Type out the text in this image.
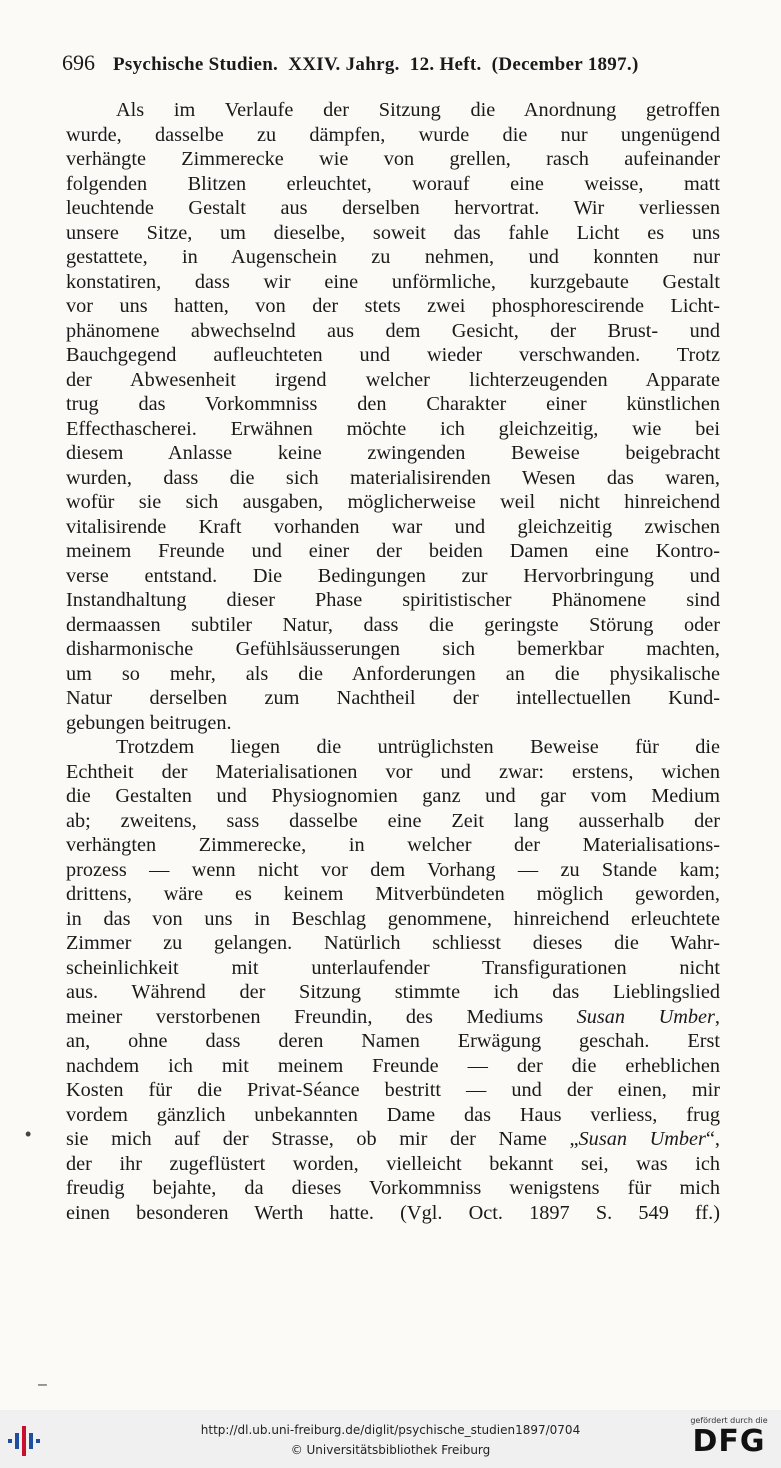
696 Psychische Studien.  XXIV. Jahrg.  12. Heft.  (December 1897.)
Als im Verlaufe der Sitzung die Anordnung getroffen
wurde, dasselbe zu dämpfen, wurde die nur ungenügend
verhängte Zimmerecke wie von grellen, rasch aufeinander
folgenden Blitzen erleuchtet, worauf eine weisse, matt
leuchtende Gestalt aus derselben hervortrat. Wir verliessen
unsere Sitze, um dieselbe, soweit das fahle Licht es uns
gestattete, in Augenschein zu nehmen, und konnten nur
konstatiren, dass wir eine unförmliche, kurzgebaute Gestalt
vor uns hatten, von der stets zwei phosphorescirende Licht-
phänomene abwechselnd aus dem Gesicht, der Brust- und
Bauchgegend aufleuchteten und wieder verschwanden. Trotz
der Abwesenheit irgend welcher lichterzeugenden Apparate
trug das Vorkommniss den Charakter einer künstlichen
Effecthascherei. Erwähnen möchte ich gleichzeitig, wie bei
diesem Anlasse keine zwingenden Beweise beigebracht
wurden, dass die sich materialisirenden Wesen das waren,
wofür sie sich ausgaben, möglicherweise weil nicht hinreichend
vitalisirende Kraft vorhanden war und gleichzeitig zwischen
meinem Freunde und einer der beiden Damen eine Kontro-
verse entstand. Die Bedingungen zur Hervorbringung und
Instandhaltung dieser Phase spiritistischer Phänomene sind
dermaassen subtiler Natur, dass die geringste Störung oder
disharmonische Gefühlsäusserungen sich bemerkbar machten,
um so mehr, als die Anforderungen an die physikalische
Natur derselben zum Nachtheil der intellectuellen Kund-
gebungen beitrugen.
Trotzdem liegen die untrüglichsten Beweise für die
Echtheit der Materialisationen vor und zwar: erstens, wichen
die Gestalten und Physiognomien ganz und gar vom Medium
ab; zweitens, sass dasselbe eine Zeit lang ausserhalb der
verhängten Zimmerecke, in welcher der Materialisations-
prozess — wenn nicht vor dem Vorhang — zu Stande kam;
drittens, wäre es keinem Mitverbündeten möglich geworden,
in das von uns in Beschlag genommene, hinreichend erleuchtete
Zimmer zu gelangen. Natürlich schliesst dieses die Wahr-
scheinlichkeit mit unterlaufender Transfigurationen nicht
aus. Während der Sitzung stimmte ich das Lieblingslied
meiner verstorbenen Freundin, des Mediums Susan Umber,
an, ohne dass deren Namen Erwägung geschah. Erst
nachdem ich mit meinem Freunde — der die erheblichen
Kosten für die Privat-Séance bestritt — und der einen, mir
vordem gänzlich unbekannten Dame das Haus verliess, frug
sie mich auf der Strasse, ob mir der Name „Susan Umber“,
der ihr zugeflüstert worden, vielleicht bekannt sei, was ich
freudig bejahte, da dieses Vorkommniss wenigstens für mich
einen besonderen Werth hatte. (Vgl. Oct. 1897 S. 549 ff.)
•
–
http://dl.ub.uni-freiburg.de/diglit/psychische_studien1897/0704
© Universitätsbibliothek Freiburg
gefördert durch die
DFG
